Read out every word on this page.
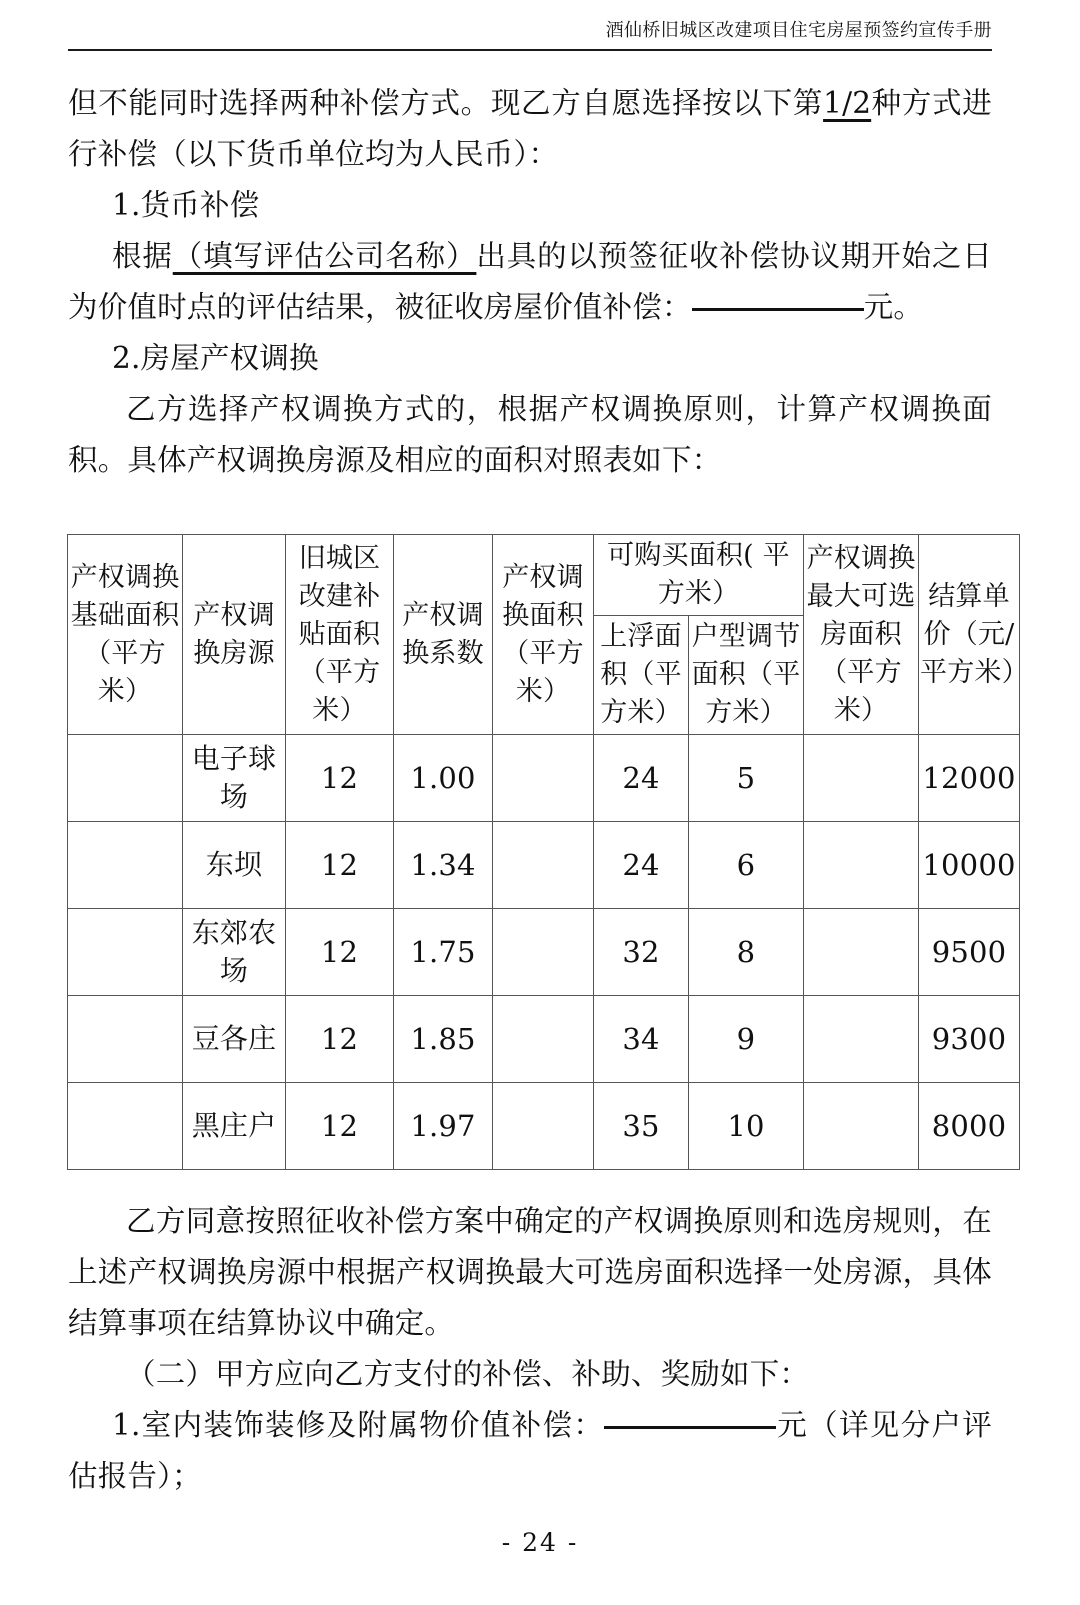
酒仙桥旧城区改建项目住宅房屋预签约宣传手册

但不能同时选择两种补偿方式。现乙方自愿选择按以下第1/2种方式进行补偿（以下货币单位均为人民币）：

1.货币补偿

根据（填写评估公司名称）出具的以预签征收补偿协议期开始之日为价值时点的评估结果，被征收房屋价值补偿：	元。

2.房屋产权调换

乙方选择产权调换方式的，根据产权调换原则，计算产权调换面积。具体产权调换房源及相应的面积对照表如下：

产权调换基础面积（平方米）	产权调换房源	旧城区改建补贴面积（平方米）	产权调换系数	产权调换面积（平方米）	可购买面积( 平方米）		产权调换最大可选房面积（平方米）	结算单价（元/平方米）
					上浮面积（平方米）	户型调节面积（平方米）		
	电子球场	12	1.00		24	5		12000
	东坝	12	1.34		24	6		10000
	东郊农场	12	1.75		32	8		9500
	豆各庄	12	1.85		34	9		9300
	黑庄户	12	1.97		35	10		8000

乙方同意按照征收补偿方案中确定的产权调换原则和选房规则，在上述产权调换房源中根据产权调换最大可选房面积选择一处房源，具体结算事项在结算协议中确定。

（二）甲方应向乙方支付的补偿、补助、奖励如下：

1.室内装饰装修及附属物价值补偿：	元（详见分户评估报告）；

- 24 -
